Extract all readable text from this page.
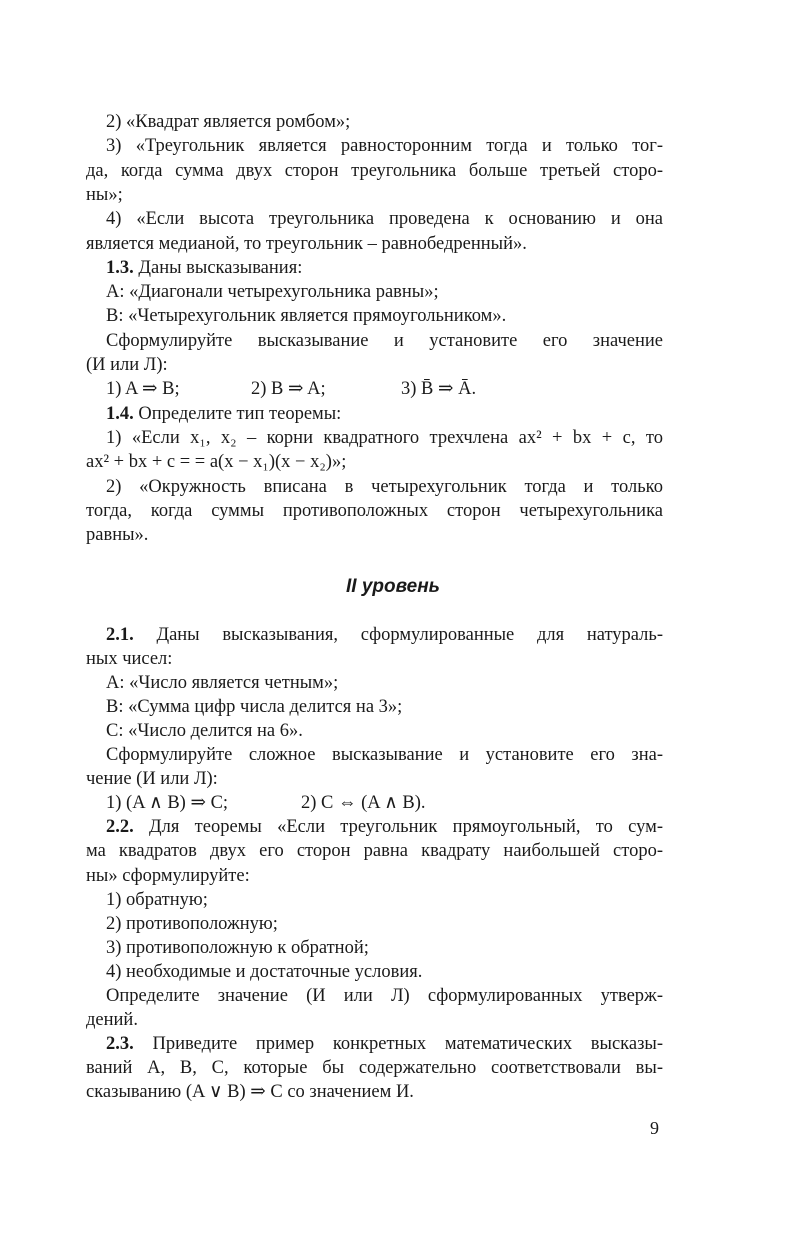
2) «Квадрат является ромбом»;
3) «Треугольник является равносторонним тогда и только тог-
да, когда сумма двух сторон треугольника больше третьей сторо-
ны»;
4) «Если высота треугольника проведена к основанию и она
является медианой, то треугольник – равнобедренный».
1.3. Даны высказывания:
A: «Диагонали четырехугольника равны»;
B: «Четырехугольник является прямоугольником».
Сформулируйте высказывание и установите его значение
(И или Л):
1) A ⇒ B;	2) B ⇒ A;	3) B̄ ⇒ Ā.
1.4. Определите тип теоремы:
1) «Если x₁, x₂ – корни квадратного трехчлена ax² + bx + c, то
ax² + bx + c = = a(x − x₁)(x − x₂)»;
2) «Окружность вписана в четырехугольник тогда и только
тогда, когда суммы противоположных сторон четырехугольника
равны».
II уровень
2.1. Даны высказывания, сформулированные для натураль-
ных чисел:
A: «Число является четным»;
B: «Сумма цифр числа делится на 3»;
C: «Число делится на 6».
Сформулируйте сложное высказывание и установите его зна-
чение (И или Л):
1) (A ∧ B) ⇒ C;	2) C ⇔ (A ∧ B).
2.2. Для теоремы «Если треугольник прямоугольный, то сум-
ма квадратов двух его сторон равна квадрату наибольшей сторо-
ны» сформулируйте:
1) обратную;
2) противоположную;
3) противоположную к обратной;
4) необходимые и достаточные условия.
Определите значение (И или Л) сформулированных утверж-
дений.
2.3. Приведите пример конкретных математических высказы-
ваний A, B, C, которые бы содержательно соответствовали вы-
сказыванию (A ∨ B) ⇒ C со значением И.
9
